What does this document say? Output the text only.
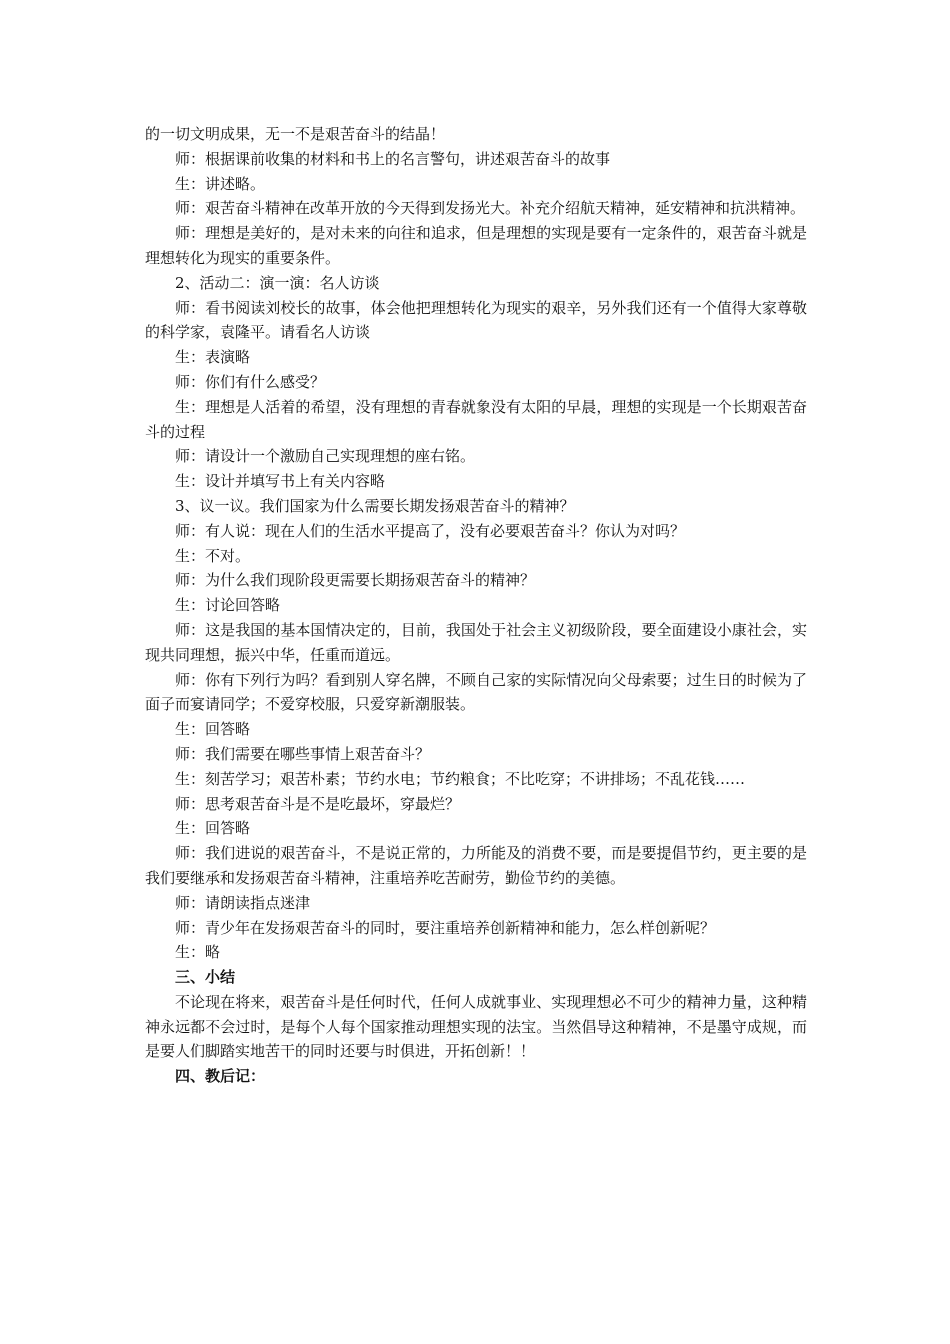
的一切文明成果，无一不是艰苦奋斗的结晶！

师：根据课前收集的材料和书上的名言警句，讲述艰苦奋斗的故事

生：讲述略。

师：艰苦奋斗精神在改革开放的今天得到发扬光大。补充介绍航天精神，延安精神和抗洪精神。

师：理想是美好的，是对未来的向往和追求，但是理想的实现是要有一定条件的，艰苦奋斗就是理想转化为现实的重要条件。

2、活动二：演一演：名人访谈

师：看书阅读刘校长的故事，体会他把理想转化为现实的艰辛，另外我们还有一个值得大家尊敬的科学家，袁隆平。请看名人访谈

生：表演略

师：你们有什么感受？

生：理想是人活着的希望，没有理想的青春就象没有太阳的早晨，理想的实现是一个长期艰苦奋斗的过程

师：请设计一个激励自己实现理想的座右铭。

生：设计并填写书上有关内容略

3、议一议。我们国家为什么需要长期发扬艰苦奋斗的精神？

师：有人说：现在人们的生活水平提高了，没有必要艰苦奋斗？你认为对吗？

生：不对。

师：为什么我们现阶段更需要长期扬艰苦奋斗的精神？

生：讨论回答略

师：这是我国的基本国情决定的，目前，我国处于社会主义初级阶段，要全面建设小康社会，实现共同理想，振兴中华，任重而道远。

师：你有下列行为吗？看到别人穿名牌，不顾自己家的实际情况向父母索要；过生日的时候为了面子而宴请同学；不爱穿校服，只爱穿新潮服装。

生：回答略

师：我们需要在哪些事情上艰苦奋斗？

生：刻苦学习；艰苦朴素；节约水电；节约粮食；不比吃穿；不讲排场；不乱花钱……

师：思考艰苦奋斗是不是吃最坏，穿最烂？

生：回答略

师：我们进说的艰苦奋斗，不是说正常的，力所能及的消费不要，而是要提倡节约，更主要的是我们要继承和发扬艰苦奋斗精神，注重培养吃苦耐劳，勤俭节约的美德。

师：请朗读指点迷津

师：青少年在发扬艰苦奋斗的同时，要注重培养创新精神和能力，怎么样创新呢？

生：略

三、小结

不论现在将来，艰苦奋斗是任何时代，任何人成就事业、实现理想必不可少的精神力量，这种精神永远都不会过时，是每个人每个国家推动理想实现的法宝。当然倡导这种精神，不是墨守成规，而是要人们脚踏实地苦干的同时还要与时俱进，开拓创新！！

四、教后记：
